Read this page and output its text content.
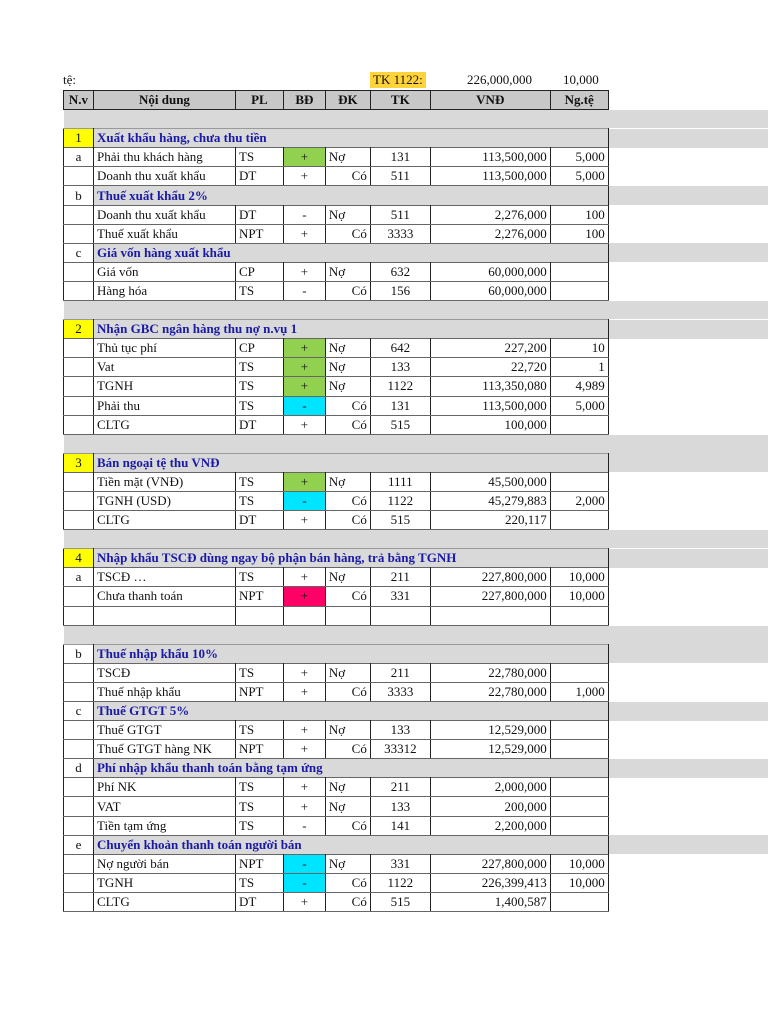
tệ:	TK 1122:	226,000,000 10,000
N.v	Nội dung	PL	BĐ	ĐK	TK	VNĐ	Ng.tệ	

1	Xuất khẩu hàng, chưa thu tiền							
a	Phải thu khách hàng	TS	+	Nợ	131	113,500,000	5,000	
	Doanh thu xuất khẩu	DT	+	Có	511	113,500,000	5,000	
b	Thuế xuất khẩu 2%							
	Doanh thu xuất khẩu	DT	-	Nợ	511	2,276,000	100	
	Thuế xuất khẩu	NPT	+	Có	3333	2,276,000	100	
c	Giá vốn hàng xuất khẩu							
	Giá vốn	CP	+	Nợ	632	60,000,000		
	Hàng hóa	TS	-	Có	156	60,000,000		

2	Nhận GBC ngân hàng thu nợ n.vụ 1							
	Thủ tục phí	CP	+	Nợ	642	227,200	10	
	Vat	TS	+	Nợ	133	22,720	1	
	TGNH	TS	+	Nợ	1122	113,350,080	4,989	
	Phải thu	TS	-	Có	131	113,500,000	5,000	
	CLTG	DT	+	Có	515	100,000		

3	Bán ngoại tệ thu VNĐ							
	Tiền mặt (VNĐ)	TS	+	Nợ	1111	45,500,000		
	TGNH (USD)	TS	-	Có	1122	45,279,883	2,000	
	CLTG	DT	+	Có	515	220,117		

4	Nhập khẩu TSCĐ dùng ngay bộ phận bán hàng, trả bằng TGNH							
a	TSCĐ …	TS	+	Nợ	211	227,800,000	10,000	
	Chưa thanh toán	NPT	+	Có	331	227,800,000	10,000	

b	Thuế nhập khẩu 10%							
	TSCĐ	TS	+	Nợ	211	22,780,000		
	Thuế nhập khẩu	NPT	+	Có	3333	22,780,000	1,000	
c	Thuế GTGT 5%							
	Thuế GTGT	TS	+	Nợ	133	12,529,000		
	Thuế GTGT hàng NK	NPT	+	Có	33312	12,529,000		
d	Phí nhập khẩu thanh toán bằng tạm ứng							
	Phí NK	TS	+	Nợ	211	2,000,000		
	VAT	TS	+	Nợ	133	200,000		
	Tiền tạm ứng	TS	-	Có	141	2,200,000		
e	Chuyển khoản thanh toán người bán							
	Nợ người bán	NPT	-	Nợ	331	227,800,000	10,000	
	TGNH	TS	-	Có	1122	226,399,413	10,000	
	CLTG	DT	+	Có	515	1,400,587		
